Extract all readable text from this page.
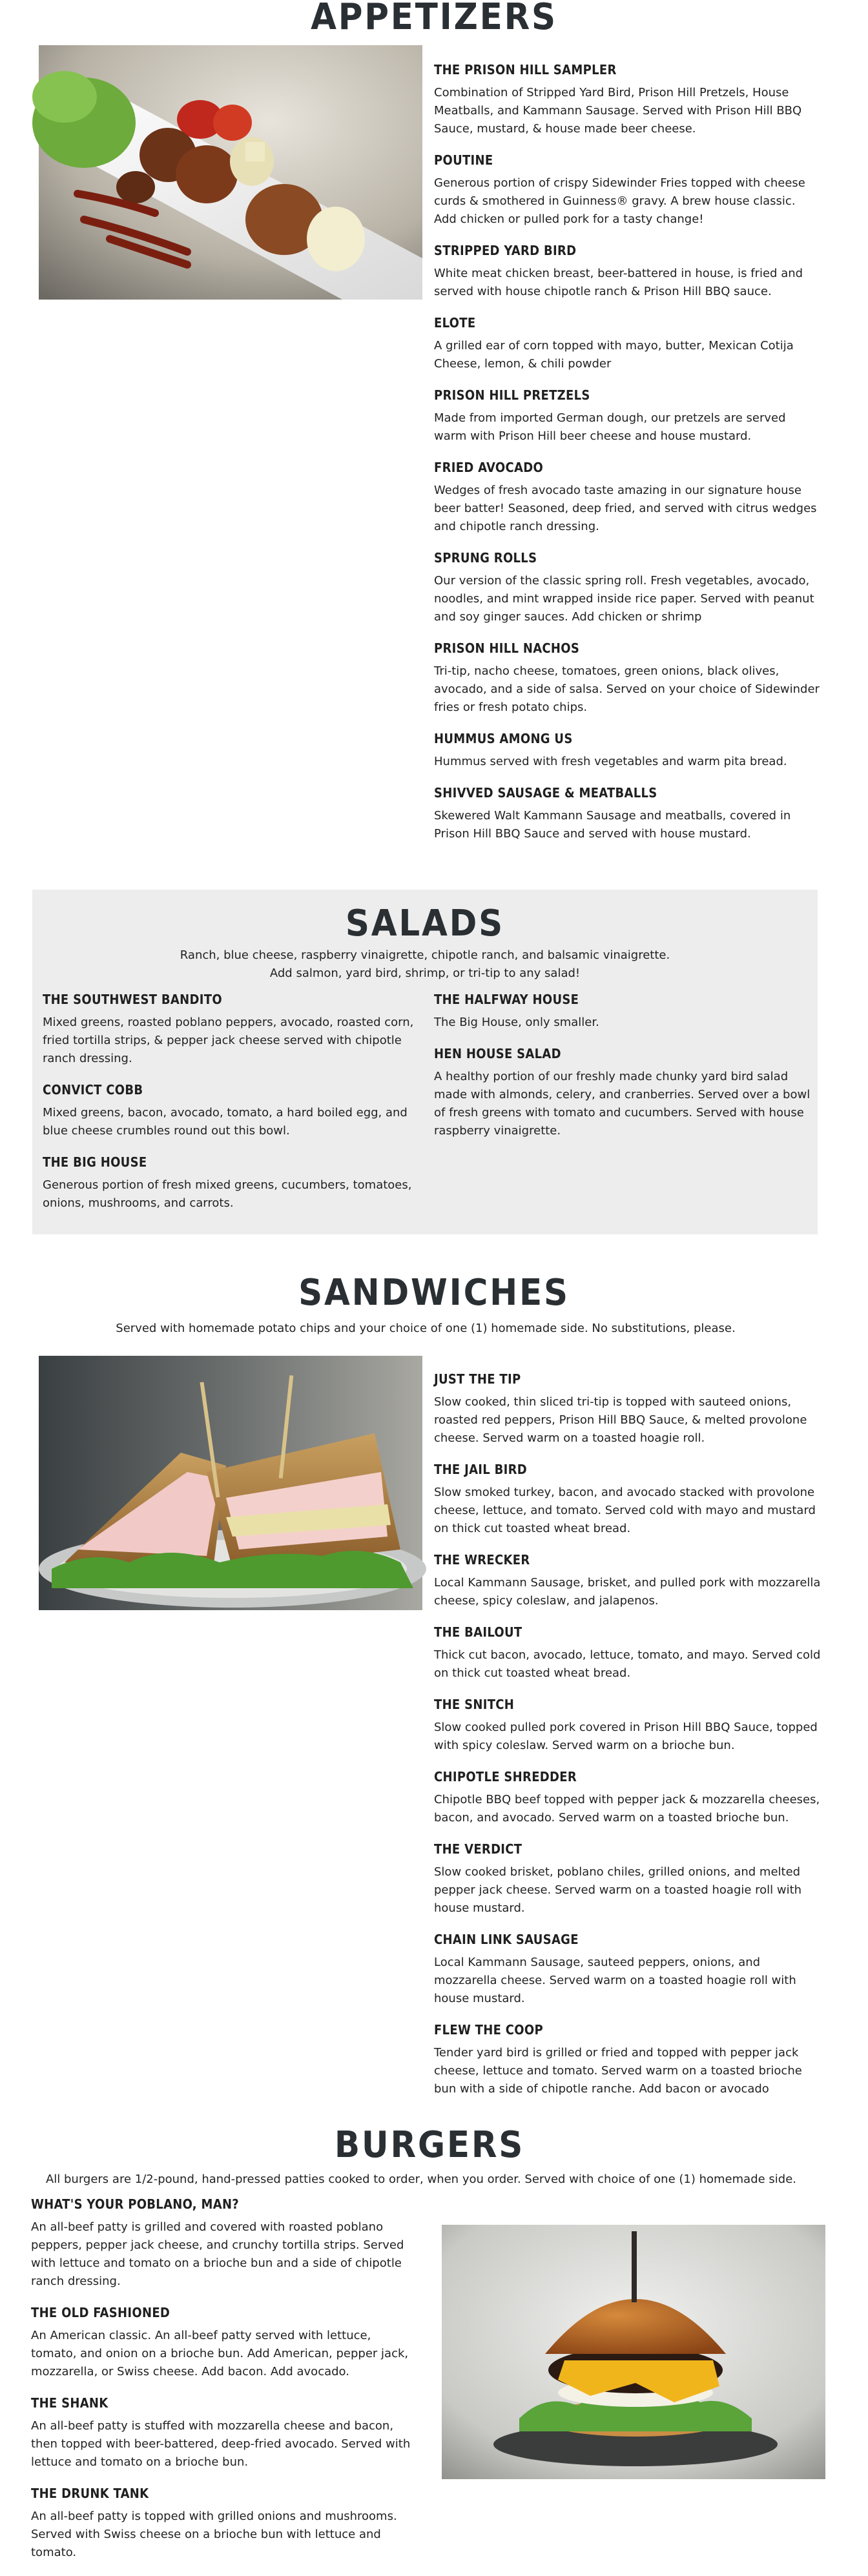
APPETIZERS
THE PRISON HILL SAMPLER
Combination of Stripped Yard Bird, Prison Hill Pretzels, House Meatballs, and Kammann Sausage. Served with Prison Hill BBQ Sauce, mustard, & house made beer cheese.
POUTINE
Generous portion of crispy Sidewinder Fries topped with cheese curds & smothered in Guinness® gravy. A brew house classic.
Add chicken or pulled pork for a tasty change!
STRIPPED YARD BIRD
White meat chicken breast, beer-battered in house, is fried and served with house chipotle ranch & Prison Hill BBQ sauce.
ELOTE
A grilled ear of corn topped with mayo, butter, Mexican Cotija Cheese, lemon, & chili powder
PRISON HILL PRETZELS
Made from imported German dough, our pretzels are served warm with Prison Hill beer cheese and house mustard.
FRIED AVOCADO
Wedges of fresh avocado taste amazing in our signature house beer batter! Seasoned, deep fried, and served with citrus wedges and chipotle ranch dressing.
SPRUNG ROLLS
Our version of the classic spring roll. Fresh vegetables, avocado, noodles, and mint wrapped inside rice paper. Served with peanut and soy ginger sauces. Add chicken or shrimp
PRISON HILL NACHOS
Tri-tip, nacho cheese, tomatoes, green onions, black olives, avocado, and a side of salsa. Served on your choice of Sidewinder fries or fresh potato chips.
HUMMUS AMONG US
Hummus served with fresh vegetables and warm pita bread.
SHIVVED SAUSAGE & MEATBALLS
Skewered Walt Kammann Sausage and meatballs, covered in Prison Hill BBQ Sauce and served with house mustard.
SALADS
Ranch, blue cheese, raspberry vinaigrette, chipotle ranch, and balsamic vinaigrette.
Add salmon, yard bird, shrimp, or tri-tip to any salad!
THE SOUTHWEST BANDITO
Mixed greens, roasted poblano peppers, avocado, roasted corn, fried tortilla strips, & pepper jack cheese served with chipotle ranch dressing.
CONVICT COBB
Mixed greens, bacon, avocado, tomato, a hard boiled egg, and blue cheese crumbles round out this bowl.
THE BIG HOUSE
Generous portion of fresh mixed greens, cucumbers, tomatoes, onions, mushrooms, and carrots.
THE HALFWAY HOUSE
The Big House, only smaller.
HEN HOUSE SALAD
A healthy portion of our freshly made chunky yard bird salad made with almonds, celery, and cranberries. Served over a bowl of fresh greens with tomato and cucumbers. Served with house raspberry vinaigrette.
SANDWICHES
Served with homemade potato chips and your choice of one (1) homemade side. No substitutions, please.
JUST THE TIP
Slow cooked, thin sliced tri-tip is topped with sauteed onions, roasted red peppers, Prison Hill BBQ Sauce, & melted provolone cheese. Served warm on a toasted hoagie roll.
THE JAIL BIRD
Slow smoked turkey, bacon, and avocado stacked with provolone cheese, lettuce, and tomato. Served cold with mayo and mustard on thick cut toasted wheat bread.
THE WRECKER
Local Kammann Sausage, brisket, and pulled pork with mozzarella cheese, spicy coleslaw, and jalapenos.
THE BAILOUT
Thick cut bacon, avocado, lettuce, tomato, and mayo. Served cold on thick cut toasted wheat bread.
THE SNITCH
Slow cooked pulled pork covered in Prison Hill BBQ Sauce, topped with spicy coleslaw. Served warm on a brioche bun.
CHIPOTLE SHREDDER
Chipotle BBQ beef topped with pepper jack & mozzarella cheeses, bacon, and avocado. Served warm on a toasted brioche bun.
THE VERDICT
Slow cooked brisket, poblano chiles, grilled onions, and melted pepper jack cheese. Served warm on a toasted hoagie roll with house mustard.
CHAIN LINK SAUSAGE
Local Kammann Sausage, sauteed peppers, onions, and mozzarella cheese. Served warm on a toasted hoagie roll with house mustard.
FLEW THE COOP
Tender yard bird is grilled or fried and topped with pepper jack cheese, lettuce and tomato. Served warm on a toasted brioche bun with a side of chipotle ranche. Add bacon or avocado
BURGERS
All burgers are 1/2-pound, hand-pressed patties cooked to order, when you order. Served with choice of one (1) homemade side.
WHAT'S YOUR POBLANO, MAN?
An all-beef patty is grilled and covered with roasted poblano peppers, pepper jack cheese, and crunchy tortilla strips. Served with lettuce and tomato on a brioche bun and a side of chipotle ranch dressing.
THE OLD FASHIONED
An American classic. An all-beef patty served with lettuce, tomato, and onion on a brioche bun. Add American, pepper jack, mozzarella, or Swiss cheese. Add bacon. Add avocado.
THE SHANK
An all-beef patty is stuffed with mozzarella cheese and bacon, then topped with beer-battered, deep-fried avocado. Served with lettuce and tomato on a brioche bun.
THE DRUNK TANK
An all-beef patty is topped with grilled onions and mushrooms. Served with Swiss cheese on a brioche bun with lettuce and tomato.
